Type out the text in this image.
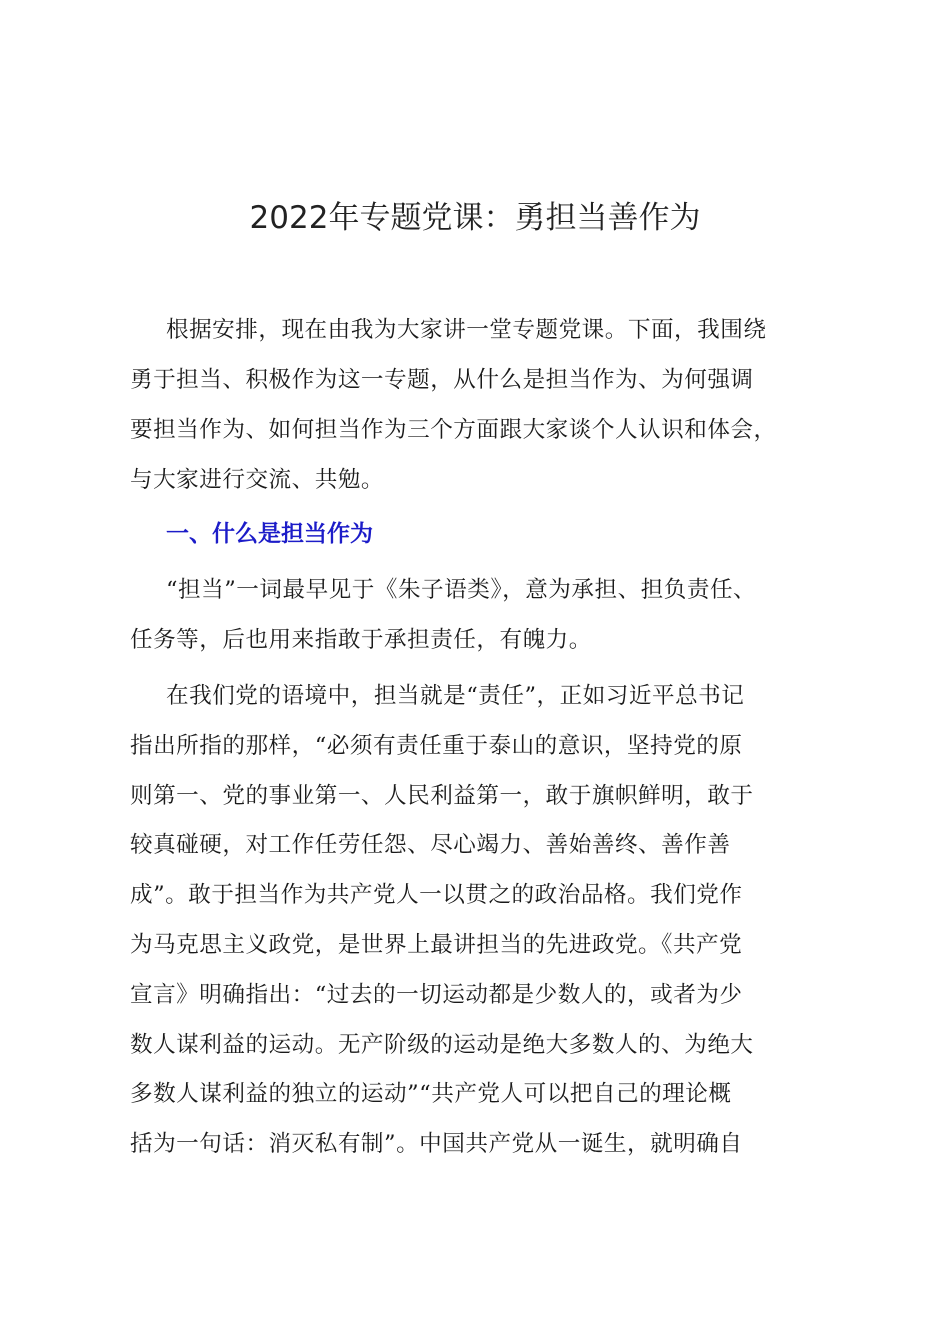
2022年专题党课：勇担当善作为
根据安排，现在由我为大家讲一堂专题党课。下面，我围绕
勇于担当、积极作为这一专题，从什么是担当作为、为何强调
要担当作为、如何担当作为三个方面跟大家谈个人认识和体会，
与大家进行交流、共勉。
一、什么是担当作为
“担当”一词最早见于《朱子语类》，意为承担、担负责任、
任务等，后也用来指敢于承担责任，有魄力。
在我们党的语境中，担当就是“责任”，正如习近平总书记
指出所指的那样，“必须有责任重于泰山的意识，坚持党的原
则第一、党的事业第一、人民利益第一，敢于旗帜鲜明，敢于
较真碰硬，对工作任劳任怨、尽心竭力、善始善终、善作善
成”。敢于担当作为共产党人一以贯之的政治品格。我们党作
为马克思主义政党，是世界上最讲担当的先进政党。《共产党
宣言》明确指出：“过去的一切运动都是少数人的，或者为少
数人谋利益的运动。无产阶级的运动是绝大多数人的、为绝大
多数人谋利益的独立的运动”“共产党人可以把自己的理论概
括为一句话：消灭私有制”。中国共产党从一诞生，就明确自
